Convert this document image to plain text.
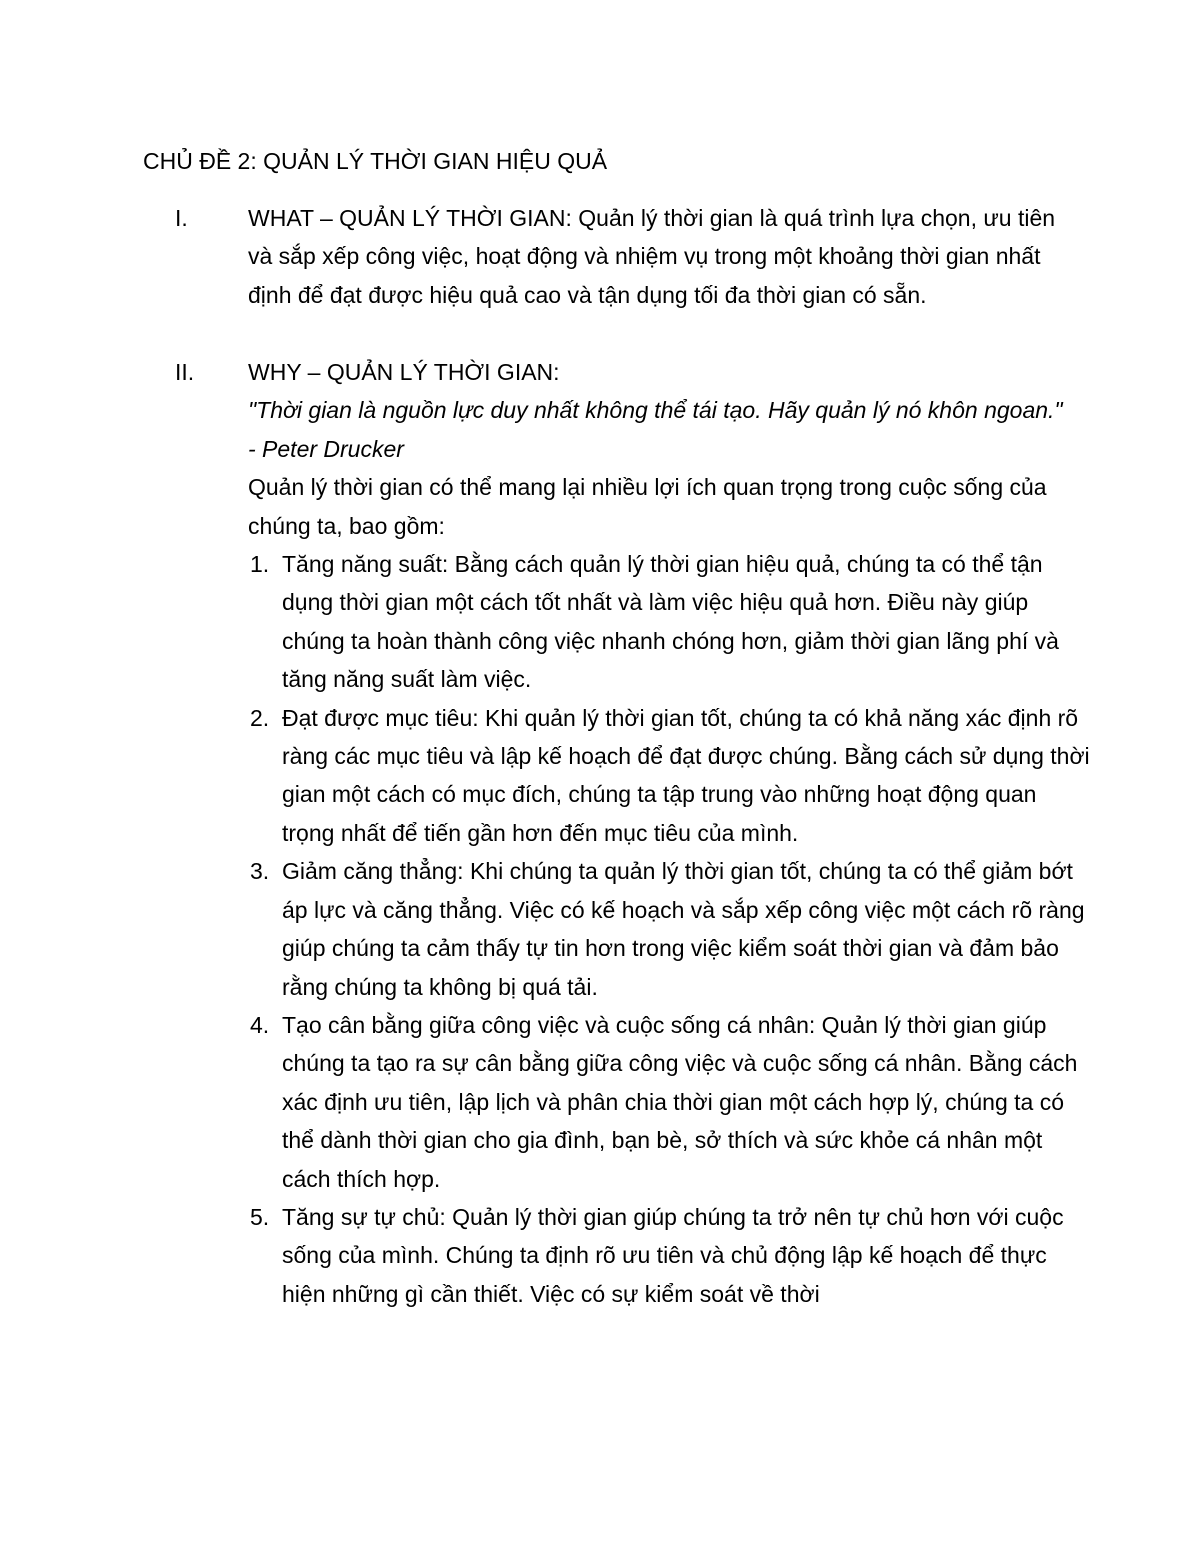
CHỦ ĐỀ 2: QUẢN LÝ THỜI GIAN HIỆU QUẢ
I.	WHAT – QUẢN LÝ THỜI GIAN: Quản lý thời gian là quá trình lựa chọn, ưu tiên và sắp xếp công việc, hoạt động và nhiệm vụ trong một khoảng thời gian nhất định để đạt được hiệu quả cao và tận dụng tối đa thời gian có sẵn.
II. WHY – QUẢN LÝ THỜI GIAN:
"Thời gian là nguồn lực duy nhất không thể tái tạo. Hãy quản lý nó khôn ngoan." - Peter Drucker
Quản lý thời gian có thể mang lại nhiều lợi ích quan trọng trong cuộc sống của chúng ta, bao gồm:
1. Tăng năng suất: Bằng cách quản lý thời gian hiệu quả, chúng ta có thể tận dụng thời gian một cách tốt nhất và làm việc hiệu quả hơn. Điều này giúp chúng ta hoàn thành công việc nhanh chóng hơn, giảm thời gian lãng phí và tăng năng suất làm việc.
2. Đạt được mục tiêu: Khi quản lý thời gian tốt, chúng ta có khả năng xác định rõ ràng các mục tiêu và lập kế hoạch để đạt được chúng. Bằng cách sử dụng thời gian một cách có mục đích, chúng ta tập trung vào những hoạt động quan trọng nhất để tiến gần hơn đến mục tiêu của mình.
3. Giảm căng thẳng: Khi chúng ta quản lý thời gian tốt, chúng ta có thể giảm bớt áp lực và căng thẳng. Việc có kế hoạch và sắp xếp công việc một cách rõ ràng giúp chúng ta cảm thấy tự tin hơn trong việc kiểm soát thời gian và đảm bảo rằng chúng ta không bị quá tải.
4. Tạo cân bằng giữa công việc và cuộc sống cá nhân: Quản lý thời gian giúp chúng ta tạo ra sự cân bằng giữa công việc và cuộc sống cá nhân. Bằng cách xác định ưu tiên, lập lịch và phân chia thời gian một cách hợp lý, chúng ta có thể dành thời gian cho gia đình, bạn bè, sở thích và sức khỏe cá nhân một cách thích hợp.
5. Tăng sự tự chủ: Quản lý thời gian giúp chúng ta trở nên tự chủ hơn với cuộc sống của mình. Chúng ta định rõ ưu tiên và chủ động lập kế hoạch để thực hiện những gì cần thiết. Việc có sự kiểm soát về thời
